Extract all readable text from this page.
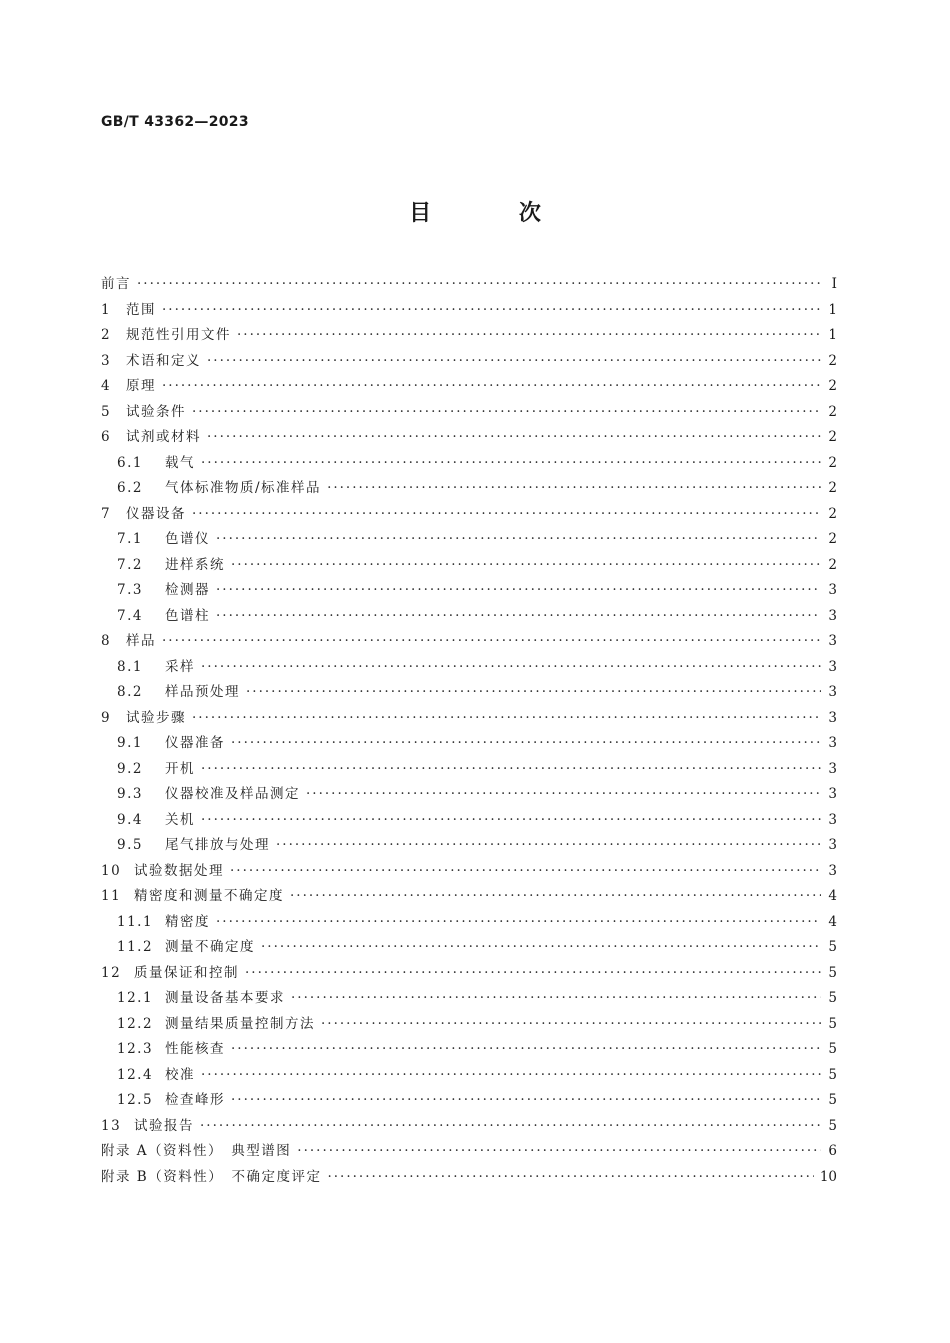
GB/T 43362—2023
目 次
前言 ·····	Ⅰ
1	范围 ·····	1
2	规范性引用文件 ·····	1
3	术语和定义 ·····	2
4	原理 ·····	2
5	试验条件 ·····	2
6	试剂或材料 ·····	2
6.1	载气 ·····	2
6.2	气体标准物质/标准样品 ·····	2
7	仪器设备 ·····	2
7.1	色谱仪 ·····	2
7.2	进样系统 ·····	2
7.3	检测器 ·····	3
7.4	色谱柱 ·····	3
8	样品 ·····	3
8.1	采样 ·····	3
8.2	样品预处理 ·····	3
9	试验步骤 ·····	3
9.1	仪器准备 ·····	3
9.2	开机 ·····	3
9.3	仪器校准及样品测定 ·····	3
9.4	关机 ·····	3
9.5	尾气排放与处理 ·····	3
10 试验数据处理 ·····	3
11 精密度和测量不确定度 ·····	4
11.1 精密度 ·····	4
11.2 测量不确定度 ·····	5
12 质量保证和控制 ·····	5
12.1 测量设备基本要求 ·····	5
12.2 测量结果质量控制方法 ·····	5
12.3 性能核查 ·····	5
12.4 校准 ·····	5
12.5 检查峰形 ·····	5
13 试验报告 ·····	5
附录 A（资料性）　典型谱图 ·····	6
附录 B（资料性）　不确定度评定 ·····	10
